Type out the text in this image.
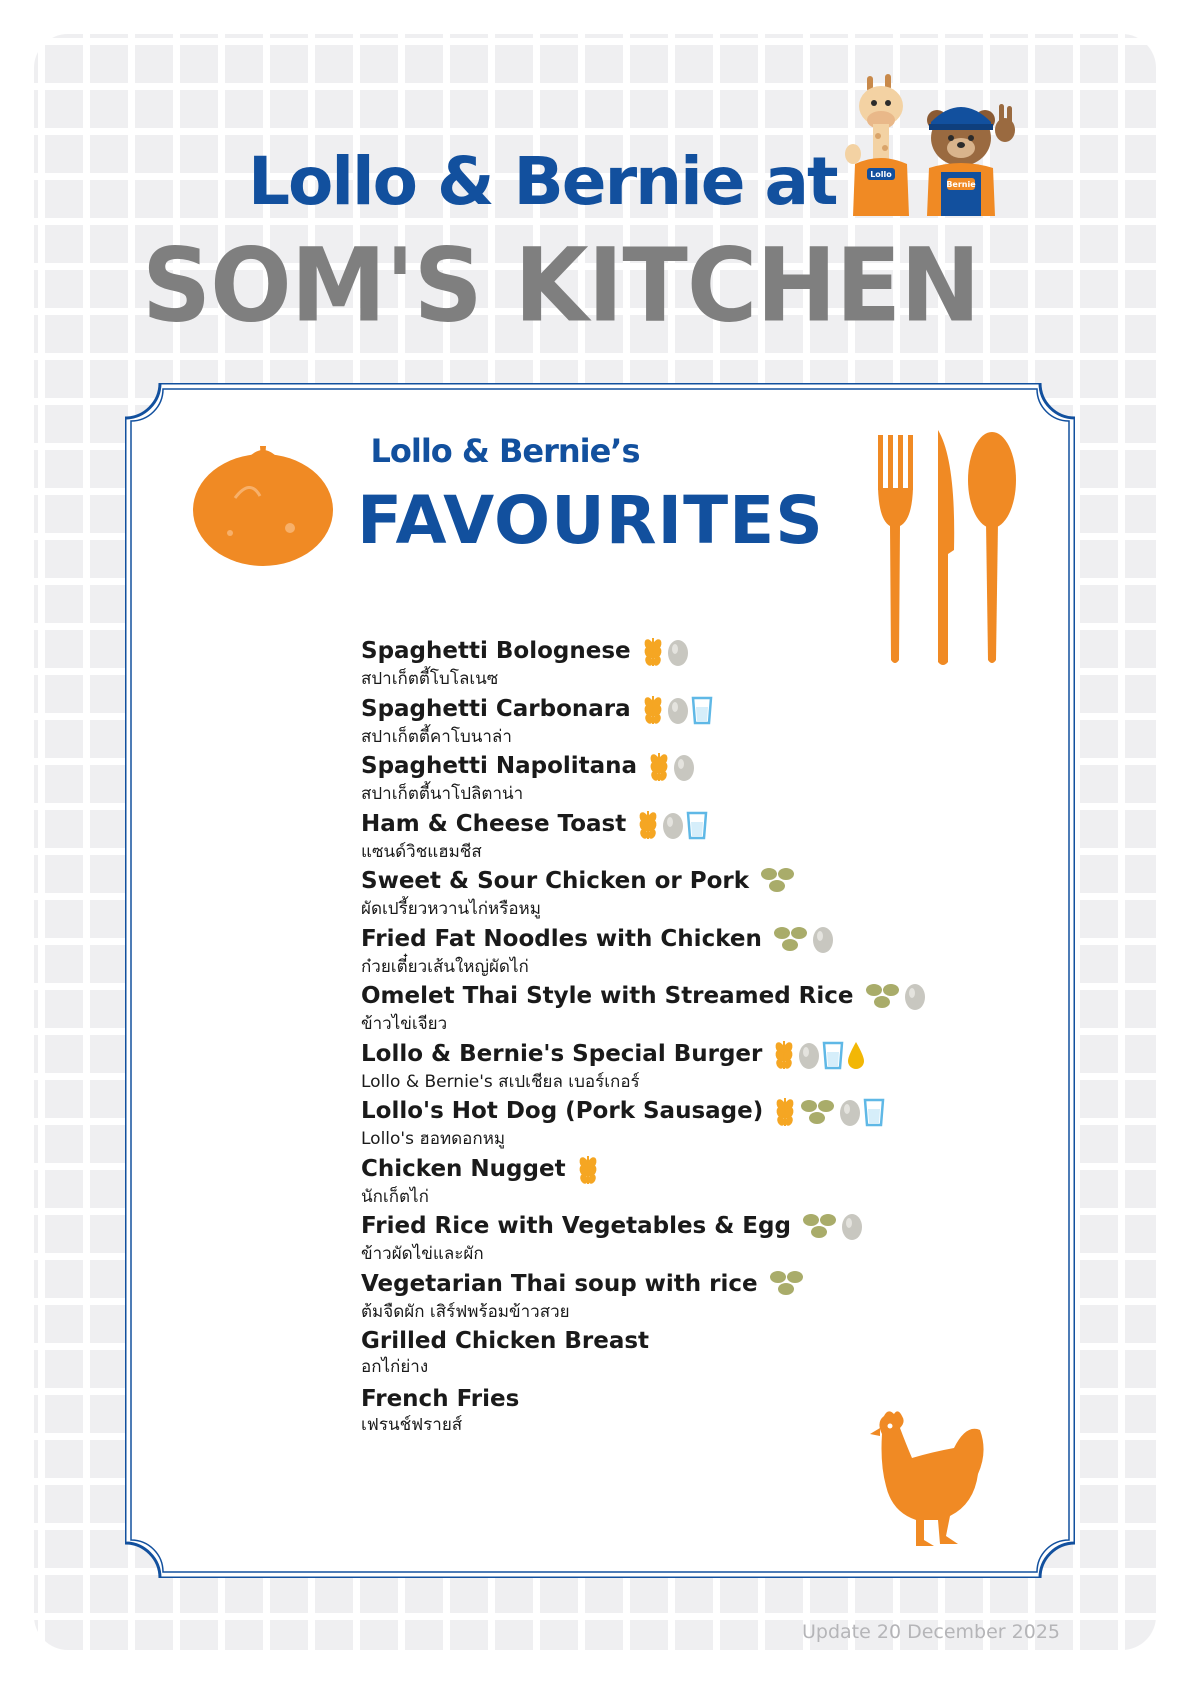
Lollo & Bernie at
SOM'S KITCHEN
Lollo
Bernie
Lollo & Bernie’s
FAVOURITES
Spaghetti Bolognese
สปาเก็ตตี้โบโลเนซ
Spaghetti Carbonara
สปาเก็ตตี้คาโบนาล่า
Spaghetti Napolitana
สปาเก็ตตี้นาโปลิตาน่า
Ham & Cheese Toast
แซนด์วิชแฮมชีส
Sweet & Sour Chicken or Pork
ผัดเปรี้ยวหวานไก่หรือหมู
Fried Fat Noodles with Chicken
ก๋วยเตี๋ยวเส้นใหญ่ผัดไก่
Omelet Thai Style with Streamed Rice
ข้าวไข่เจียว
Lollo & Bernie's Special Burger
Lollo & Bernie's สเปเชียล เบอร์เกอร์
Lollo's Hot Dog (Pork Sausage)
Lollo's ฮอทดอกหมู
Chicken Nugget
นักเก็ตไก่
Fried Rice with Vegetables & Egg
ข้าวผัดไข่และผัก
Vegetarian Thai soup with rice
ต้มจืดผัก เสิร์ฟพร้อมข้าวสวย
Grilled Chicken Breast
อกไก่ย่าง
French Fries
เฟรนช์ฟรายส์
Update 20 December 2025
